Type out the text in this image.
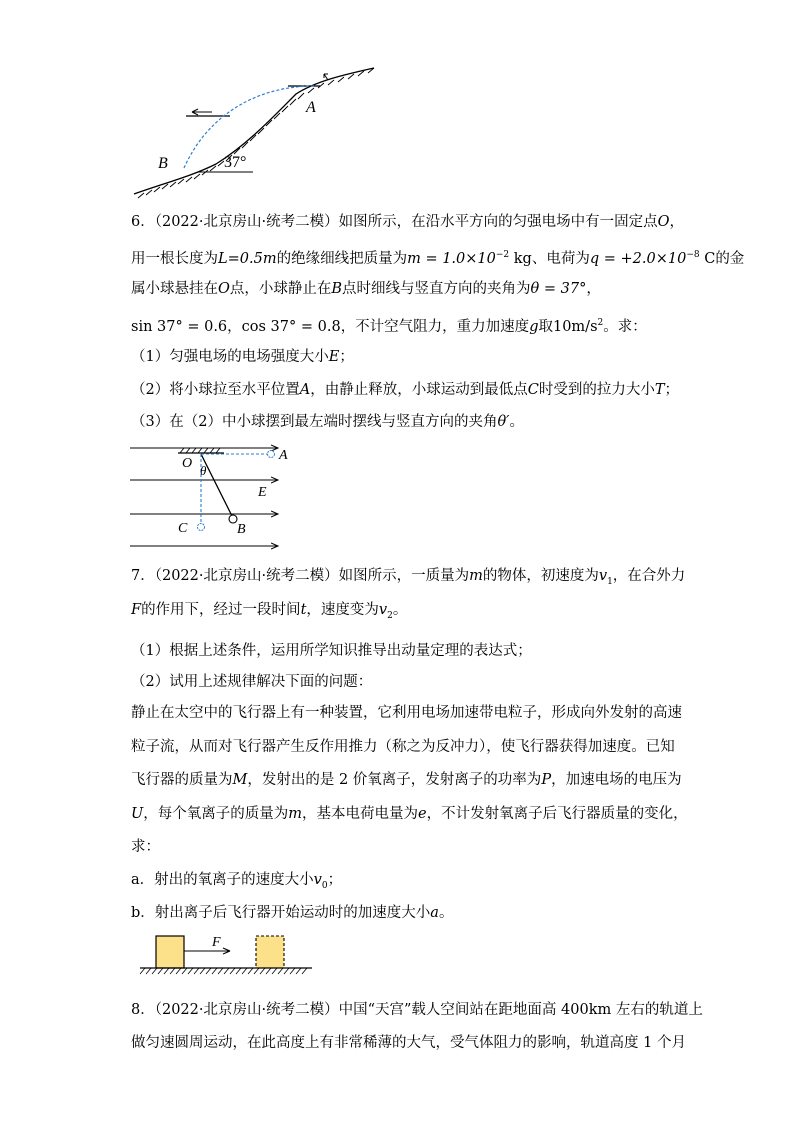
A
B	37°
6．（2022·北京房山·统考二模）如图所示，在沿水平方向的匀强电场中有一固定点O，
用一根长度为L=0.5m的绝缘细线把质量为$m = 1.0\times 10^{-2}$ kg、电荷为$q = +2.0\times 10^{-8}$ C的金
属小球悬挂在O点，小球静止在B点时细线与竖直方向的夹角为θ = 37°，
sin 37° = 0.6，cos 37° = 0.8，不计空气阻力，重力加速度g取$10m/s^2$。求：
（1）匀强电场的电场强度大小E；
（2）将小球拉至水平位置A，由静止释放，小球运动到最低点C时受到的拉力大小T；
（3）在（2）中小球摆到最左端时摆线与竖直方向的夹角θ′。
O θ
A
E
C	B
7．（2022·北京房山·统考二模）如图所示，一质量为m的物体，初速度为$v_1$，在合外力
F的作用下，经过一段时间t，速度变为$v_2$。
（1）根据上述条件，运用所学知识推导出动量定理的表达式；
（2）试用上述规律解决下面的问题：
静止在太空中的飞行器上有一种装置，它利用电场加速带电粒子，形成向外发射的高速
粒子流，从而对飞行器产生反作用推力（称之为反冲力），使飞行器获得加速度。已知
飞行器的质量为M，发射出的是 2 价氧离子，发射离子的功率为P，加速电场的电压为
U，每个氧离子的质量为m，基本电荷电量为e，不计发射氧离子后飞行器质量的变化，
求：
a．射出的氧离子的速度大小$v_0$；
b．射出离子后飞行器开始运动时的加速度大小a。
F
8．（2022·北京房山·统考二模）中国“天宫”载人空间站在距地面高 400km 左右的轨道上
做匀速圆周运动，在此高度上有非常稀薄的大气，受气体阻力的影响，轨道高度 1 个月
